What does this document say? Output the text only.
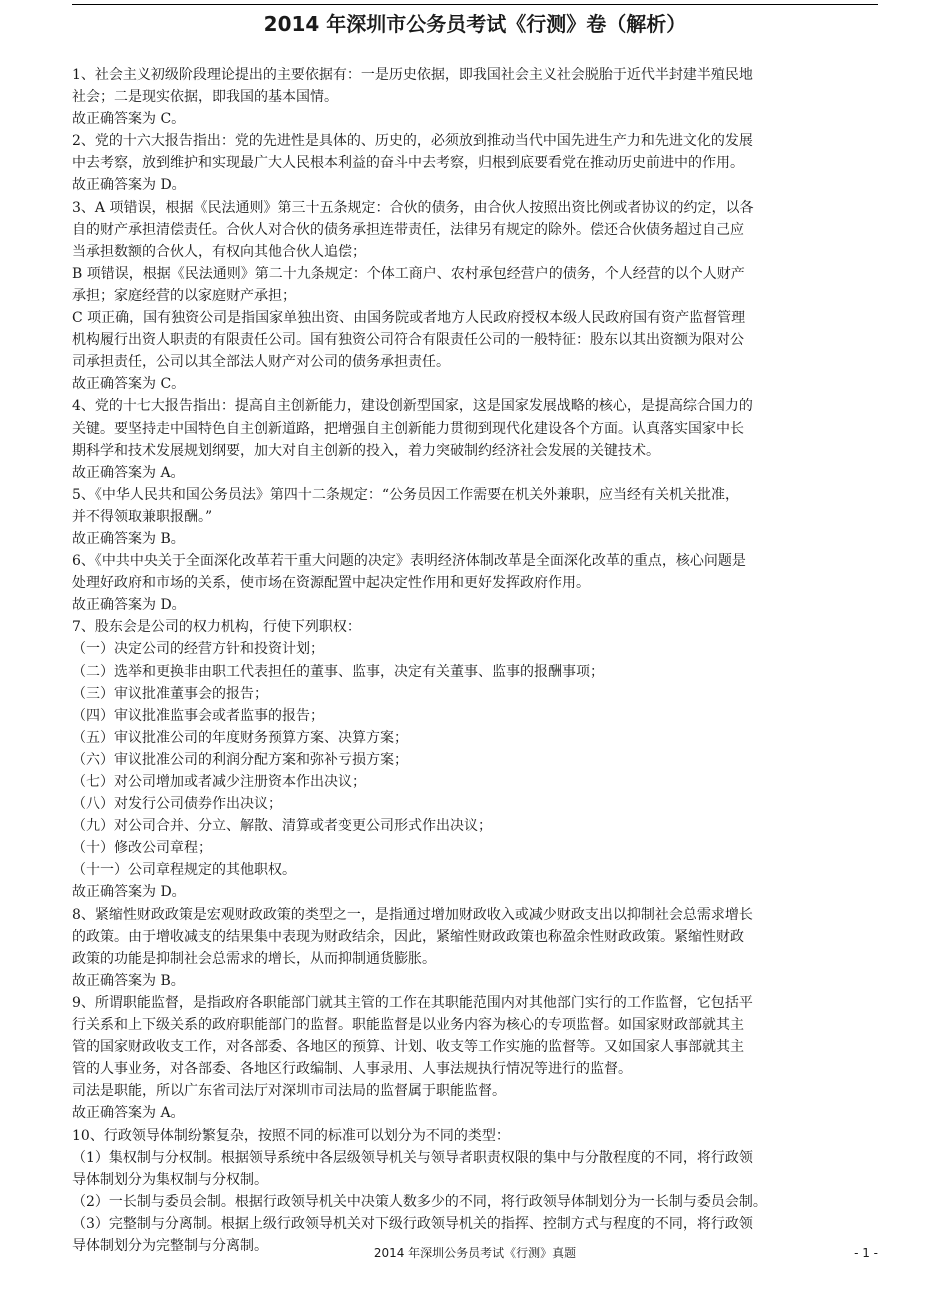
2014 年深圳市公务员考试《行测》卷（解析）

1、社会主义初级阶段理论提出的主要依据有：一是历史依据，即我国社会主义社会脱胎于近代半封建半殖民地

社会；二是现实依据，即我国的基本国情。

故正确答案为 C。

2、党的十六大报告指出：党的先进性是具体的、历史的，必须放到推动当代中国先进生产力和先进文化的发展

中去考察，放到维护和实现最广大人民根本利益的奋斗中去考察，归根到底要看党在推动历史前进中的作用。

故正确答案为 D。

3、A 项错误，根据《民法通则》第三十五条规定：合伙的债务，由合伙人按照出资比例或者协议的约定，以各

自的财产承担清偿责任。合伙人对合伙的债务承担连带责任，法律另有规定的除外。偿还合伙债务超过自己应

当承担数额的合伙人，有权向其他合伙人追偿；

B 项错误，根据《民法通则》第二十九条规定：个体工商户、农村承包经营户的债务，个人经营的以个人财产

承担；家庭经营的以家庭财产承担；

C 项正确，国有独资公司是指国家单独出资、由国务院或者地方人民政府授权本级人民政府国有资产监督管理

机构履行出资人职责的有限责任公司。国有独资公司符合有限责任公司的一般特征：股东以其出资额为限对公

司承担责任，公司以其全部法人财产对公司的债务承担责任。

故正确答案为 C。

4、党的十七大报告指出：提高自主创新能力，建设创新型国家，这是国家发展战略的核心，是提高综合国力的

关键。要坚持走中国特色自主创新道路，把增强自主创新能力贯彻到现代化建设各个方面。认真落实国家中长

期科学和技术发展规划纲要，加大对自主创新的投入，着力突破制约经济社会发展的关键技术。

故正确答案为 A。

5、《中华人民共和国公务员法》第四十二条规定：“公务员因工作需要在机关外兼职，应当经有关机关批准，

并不得领取兼职报酬。”

故正确答案为 B。

6、《中共中央关于全面深化改革若干重大问题的决定》表明经济体制改革是全面深化改革的重点，核心问题是

处理好政府和市场的关系，使市场在资源配置中起决定性作用和更好发挥政府作用。

故正确答案为 D。

7、股东会是公司的权力机构，行使下列职权：

（一）决定公司的经营方针和投资计划；

（二）选举和更换非由职工代表担任的董事、监事，决定有关董事、监事的报酬事项；

（三）审议批准董事会的报告；

（四）审议批准监事会或者监事的报告；

（五）审议批准公司的年度财务预算方案、决算方案；

（六）审议批准公司的利润分配方案和弥补亏损方案；

（七）对公司增加或者减少注册资本作出决议；

（八）对发行公司债券作出决议；

（九）对公司合并、分立、解散、清算或者变更公司形式作出决议；

（十）修改公司章程；

（十一）公司章程规定的其他职权。

故正确答案为 D。

8、紧缩性财政政策是宏观财政政策的类型之一，是指通过增加财政收入或减少财政支出以抑制社会总需求增长

的政策。由于增收减支的结果集中表现为财政结余，因此，紧缩性财政政策也称盈余性财政政策。紧缩性财政

政策的功能是抑制社会总需求的增长，从而抑制通货膨胀。

故正确答案为 B。

9、所谓职能监督，是指政府各职能部门就其主管的工作在其职能范围内对其他部门实行的工作监督，它包括平

行关系和上下级关系的政府职能部门的监督。职能监督是以业务内容为核心的专项监督。如国家财政部就其主

管的国家财政收支工作，对各部委、各地区的预算、计划、收支等工作实施的监督等。又如国家人事部就其主

管的人事业务，对各部委、各地区行政编制、人事录用、人事法规执行情况等进行的监督。

司法是职能，所以广东省司法厅对深圳市司法局的监督属于职能监督。

故正确答案为 A。

10、行政领导体制纷繁复杂，按照不同的标准可以划分为不同的类型：

（1）集权制与分权制。根据领导系统中各层级领导机关与领导者职责权限的集中与分散程度的不同，将行政领

导体制划分为集权制与分权制。

（2）一长制与委员会制。根据行政领导机关中决策人数多少的不同，将行政领导体制划分为一长制与委员会制。

（3）完整制与分离制。根据上级行政领导机关对下级行政领导机关的指挥、控制方式与程度的不同，将行政领

导体制划分为完整制与分离制。	2014 年深圳公务员考试《行测》真题	- 1 -
